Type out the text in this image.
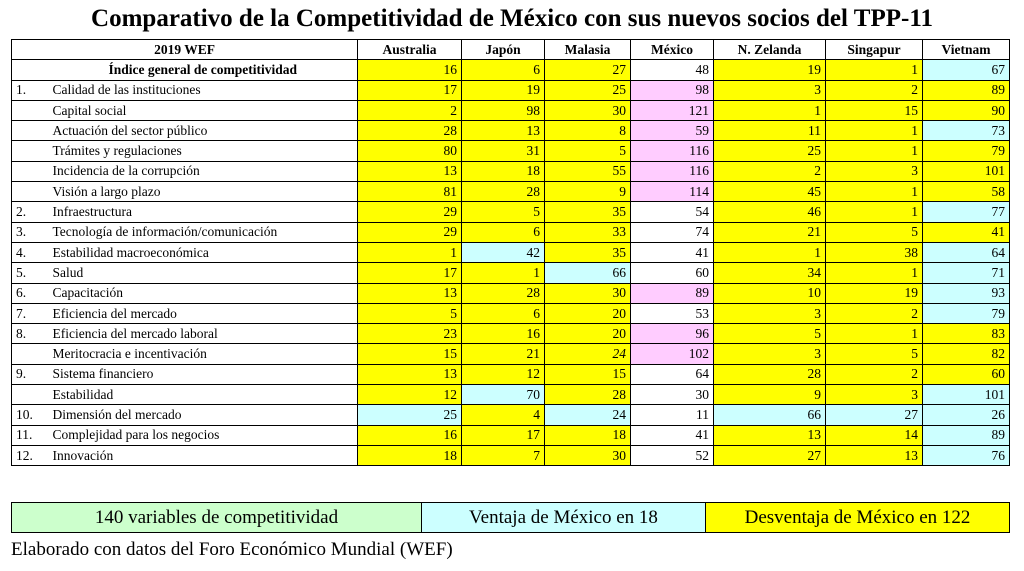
Comparativo de la Competitividad de México con sus nuevos socios del TPP-11
2019 WEF		Australia	Japón	Malasia	México	N. Zelanda	Singapur	Vietnam
	Índice general de competitividad	16	6	27	48	19	1	67
1.	Calidad de las instituciones	17	19	25	98	3	2	89
	Capital social	2	98	30	121	1	15	90
	Actuación del sector público	28	13	8	59	11	1	73
	Trámites y regulaciones	80	31	5	116	25	1	79
	Incidencia de la corrupción	13	18	55	116	2	3	101
	Visión a largo plazo	81	28	9	114	45	1	58
2.	Infraestructura	29	5	35	54	46	1	77
3.	Tecnología de información/comunicación	29	6	33	74	21	5	41
4.	Estabilidad macroeconómica	1	42	35	41	1	38	64
5.	Salud	17	1	66	60	34	1	71
6.	Capacitación	13	28	30	89	10	19	93
7.	Eficiencia del mercado	5	6	20	53	3	2	79
8.	Eficiencia del mercado laboral	23	16	20	96	5	1	83
	Meritocracia e incentivación	15	21	24	102	3	5	82
9.	Sistema financiero	13	12	15	64	28	2	60
	Estabilidad	12	70	28	30	9	3	101
10.	Dimensión del mercado	25	4	24	11	66	27	26
11.	Complejidad para los negocios	16	17	18	41	13	14	89
12.	Innovación	18	7	30	52	27	13	76
140 variables de competitividad	Ventaja de México en 18	Desventaja de México en 122
Elaborado con datos del Foro Económico Mundial (WEF)
